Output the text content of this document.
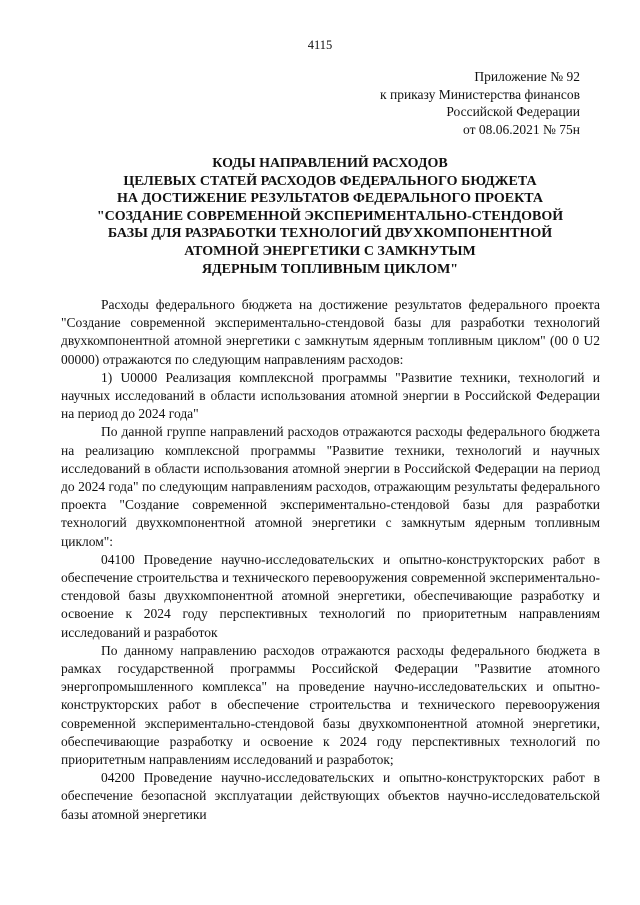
4115
Приложение № 92
к приказу Министерства финансов
Российской Федерации
от 08.06.2021 № 75н
КОДЫ НАПРАВЛЕНИЙ РАСХОДОВ
ЦЕЛЕВЫХ СТАТЕЙ РАСХОДОВ ФЕДЕРАЛЬНОГО БЮДЖЕТА
НА ДОСТИЖЕНИЕ РЕЗУЛЬТАТОВ ФЕДЕРАЛЬНОГО ПРОЕКТА
"СОЗДАНИЕ СОВРЕМЕННОЙ ЭКСПЕРИМЕНТАЛЬНО-СТЕНДОВОЙ
БАЗЫ ДЛЯ РАЗРАБОТКИ ТЕХНОЛОГИЙ ДВУХКОМПОНЕНТНОЙ
АТОМНОЙ ЭНЕРГЕТИКИ С ЗАМКНУТЫМ
ЯДЕРНЫМ ТОПЛИВНЫМ ЦИКЛОМ"

Расходы федерального бюджета на достижение результатов федерального проекта "Создание современной экспериментально-стендовой базы для разработки технологий двухкомпонентной атомной энергетики с замкнутым ядерным топливным циклом" (00 0 U2 00000) отражаются по следующим направлениям расходов:

1) U0000 Реализация комплексной программы "Развитие техники, технологий и научных исследований в области использования атомной энергии в Российской Федерации на период до 2024 года"

По данной группе направлений расходов отражаются расходы федерального бюджета на реализацию комплексной программы "Развитие техники, технологий и научных исследований в области использования атомной энергии в Российской Федерации на период до 2024 года" по следующим направлениям расходов, отражающим результаты федерального проекта "Создание современной экспериментально-стендовой базы для разработки технологий двухкомпонентной атомной энергетики с замкнутым ядерным топливным циклом":

04100 Проведение научно-исследовательских и опытно-конструкторских работ в обеспечение строительства и технического перевооружения современной экспериментально-стендовой базы двухкомпонентной атомной энергетики, обеспечивающие разработку и освоение к 2024 году перспективных технологий по приоритетным направлениям исследований и разработок

По данному направлению расходов отражаются расходы федерального бюджета в рамках государственной программы Российской Федерации "Развитие атомного энергопромышленного комплекса" на проведение научно-исследовательских и опытно-конструкторских работ в обеспечение строительства и технического перевооружения современной экспериментально-стендовой базы двухкомпонентной атомной энергетики, обеспечивающие разработку и освоение к 2024 году перспективных технологий по приоритетным направлениям исследований и разработок;

04200 Проведение научно-исследовательских и опытно-конструкторских работ в обеспечение безопасной эксплуатации действующих объектов научно-исследовательской базы атомной энергетики
